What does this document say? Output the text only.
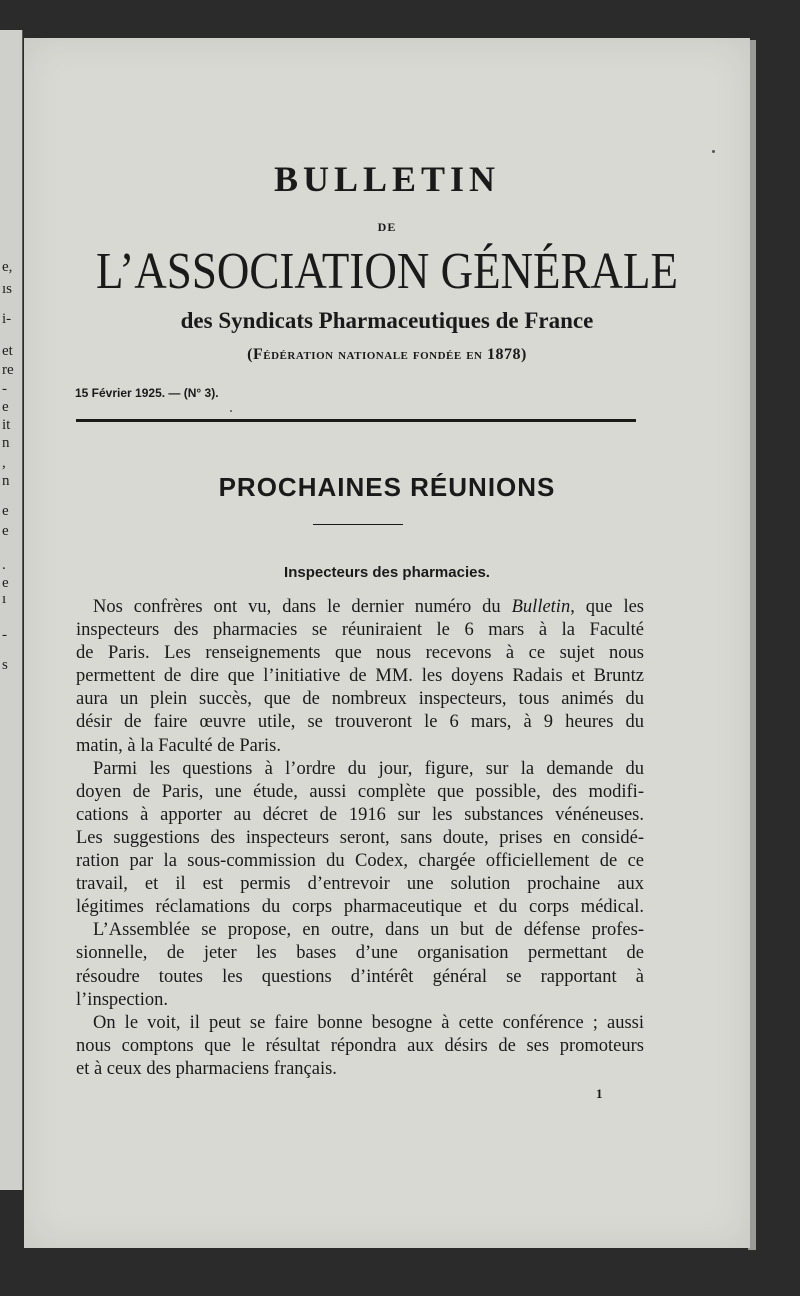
e,
ıs
i-
et
re
-
e
it
n
,
n
e
e
.
e
ı
-
s
BULLETIN
DE
L’ASSOCIATION GÉNÉRALE
des Syndicats Pharmaceutiques de France
(Fédération nationale fondée en 1878)
15 Février 1925. — (N° 3).
PROCHAINES RÉUNIONS
Inspecteurs des pharmacies.
Nos confrères ont vu, dans le dernier numéro du Bulletin, que les
inspecteurs des pharmacies se réuniraient le 6 mars à la Faculté
de Paris. Les renseignements que nous recevons à ce sujet nous
permettent de dire que l’initiative de MM. les doyens Radais et Bruntz
aura un plein succès, que de nombreux inspecteurs, tous animés du
désir de faire œuvre utile, se trouveront le 6 mars, à 9 heures du
matin, à la Faculté de Paris.
Parmi les questions à l’ordre du jour, figure, sur la demande du
doyen de Paris, une étude, aussi complète que possible, des modifi-
cations à apporter au décret de 1916 sur les substances vénéneuses.
Les suggestions des inspecteurs seront, sans doute, prises en considé-
ration par la sous-commission du Codex, chargée officiellement de ce
travail, et il est permis d’entrevoir une solution prochaine aux
légitimes réclamations du corps pharmaceutique et du corps médical.
L’Assemblée se propose, en outre, dans un but de défense profes-
sionnelle, de jeter les bases d’une organisation permettant de
résoudre toutes les questions d’intérêt général se rapportant à
l’inspection.
On le voit, il peut se faire bonne besogne à cette conférence ; aussi
nous comptons que le résultat répondra aux désirs de ses promoteurs
et à ceux des pharmaciens français.
1
